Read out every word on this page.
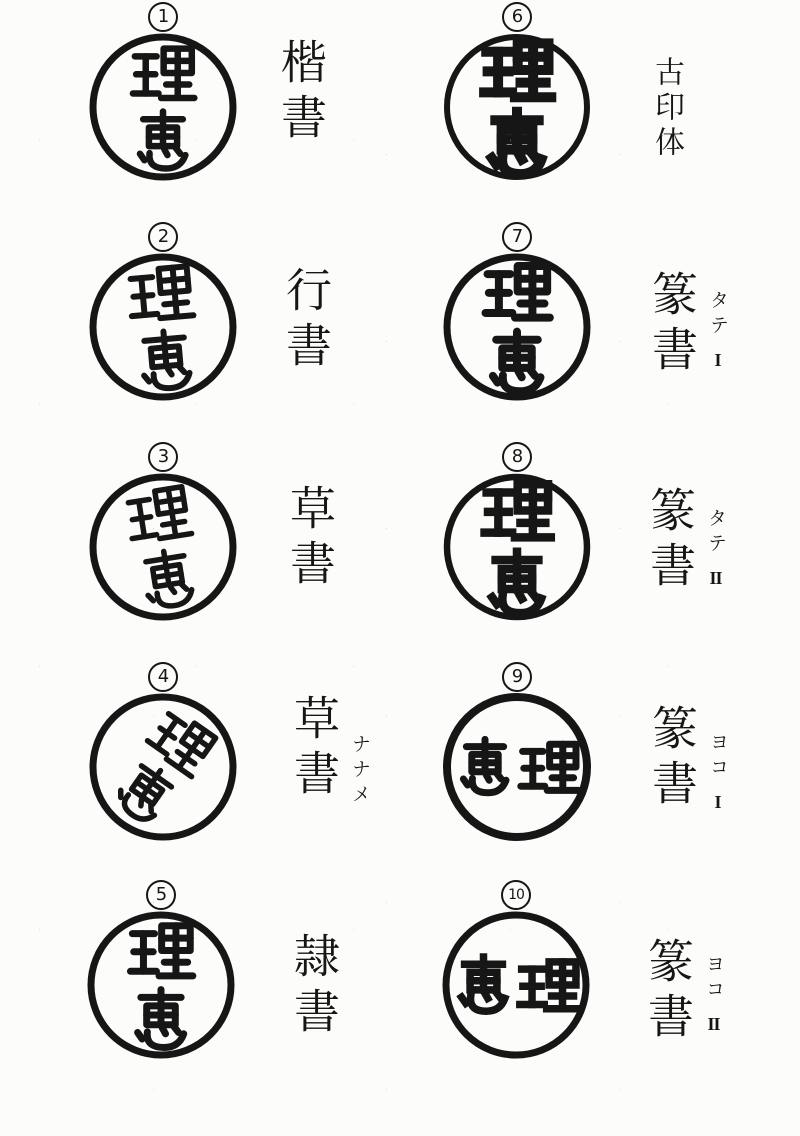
1
楷書
2
行書
3
草書
4
草書 ナナメ
5
隷書
6
古印体
7
篆書 タテ
I
8
篆書 タテ
II
9
篆書 ヨコ
I
10
篆書 ヨコ
II
